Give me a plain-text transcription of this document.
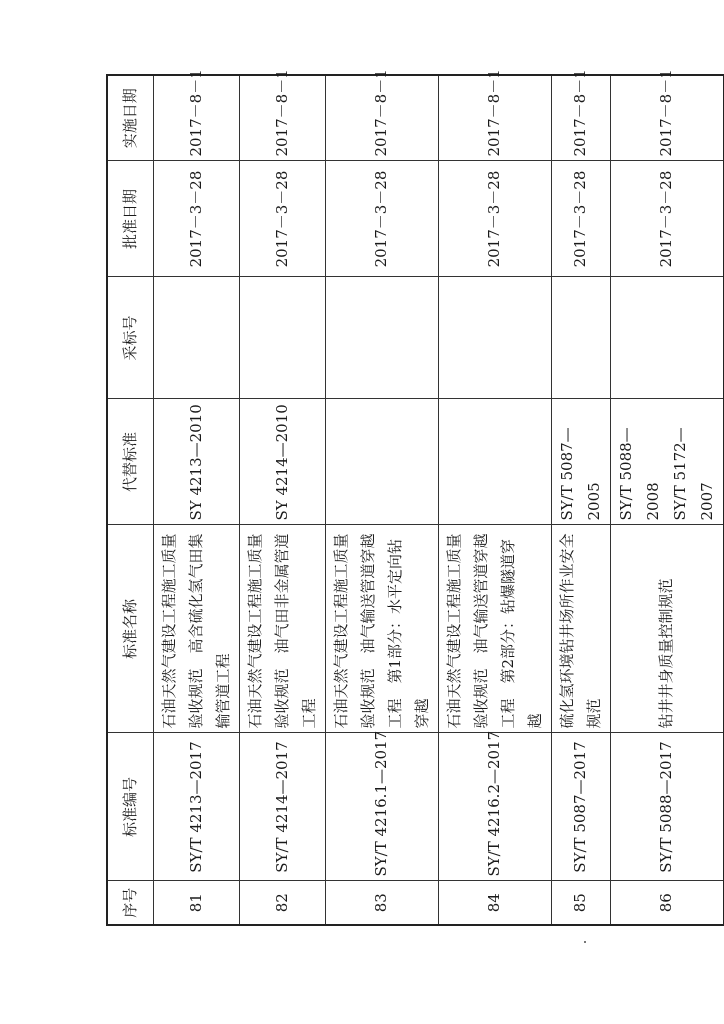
序号	标准编号	标准名称	代替标准	采标号	批准日期	实施日期
81	SY/T 4213—2017	石油天然气建设工程施工质量验收规范　高含硫化氢气田集输管道工程	SY 4213—2010		2017－3－28	2017－8－1
82	SY/T 4214—2017	石油天然气建设工程施工质量验收规范　油气田非金属管道工程	SY 4214—2010		2017－3－28	2017－8－1
83	SY/T 4216.1—2017	石油天然气建设工程施工质量验收规范　油气输送管道穿越工程　第1部分：水平定向钻穿越			2017－3－28	2017－8－1
84	SY/T 4216.2—2017	石油天然气建设工程施工质量验收规范　油气输送管道穿越工程　第2部分：钻爆隧道穿越			2017－3－28	2017－8－1
85	SY/T 5087—2017	硫化氢环境钻井场所作业安全规范	SY/T 5087—2005		2017－3－28	2017－8－1
86	SY/T 5088—2017	钻井井身质量控制规范	SY/T 5088—2008 SY/T 5172—2007		2017－3－28	2017－8－1
